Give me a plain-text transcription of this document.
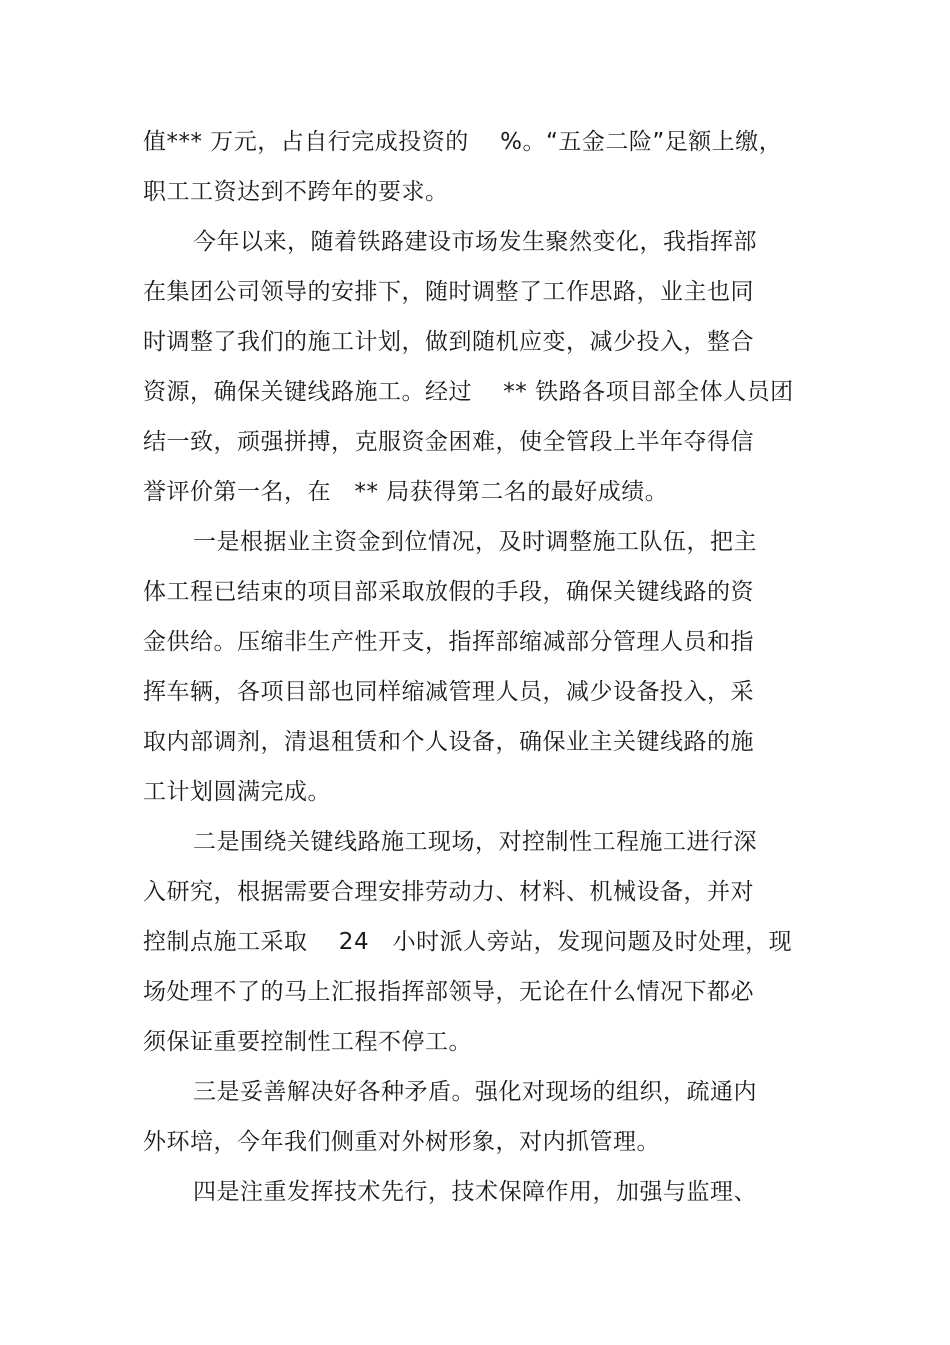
值*** 万元，占自行完成投资的　 %。“五金二险”足额上缴，
职工工资达到不跨年的要求。
今年以来，随着铁路建设市场发生聚然变化，我指挥部
在集团公司领导的安排下，随时调整了工作思路，业主也同
时调整了我们的施工计划，做到随机应变，减少投入，整合
资源，确保关键线路施工。经过　 ** 铁路各项目部全体人员团
结一致，顽强拼搏，克服资金困难，使全管段上半年夺得信
誉评价第一名，在　** 局获得第二名的最好成绩。
一是根据业主资金到位情况，及时调整施工队伍，把主
体工程已结束的项目部采取放假的手段，确保关键线路的资
金供给。压缩非生产性开支，指挥部缩减部分管理人员和指
挥车辆，各项目部也同样缩减管理人员，减少设备投入，采
取内部调剂，清退租赁和个人设备，确保业主关键线路的施
工计划圆满完成。
二是围绕关键线路施工现场，对控制性工程施工进行深
入研究，根据需要合理安排劳动力、材料、机械设备，并对
控制点施工采取　 24　小时派人旁站，发现问题及时处理，现
场处理不了的马上汇报指挥部领导，无论在什么情况下都必
须保证重要控制性工程不停工。
三是妥善解决好各种矛盾。强化对现场的组织，疏通内
外环培，今年我们侧重对外树形象，对内抓管理。
四是注重发挥技术先行，技术保障作用，加强与监理、
